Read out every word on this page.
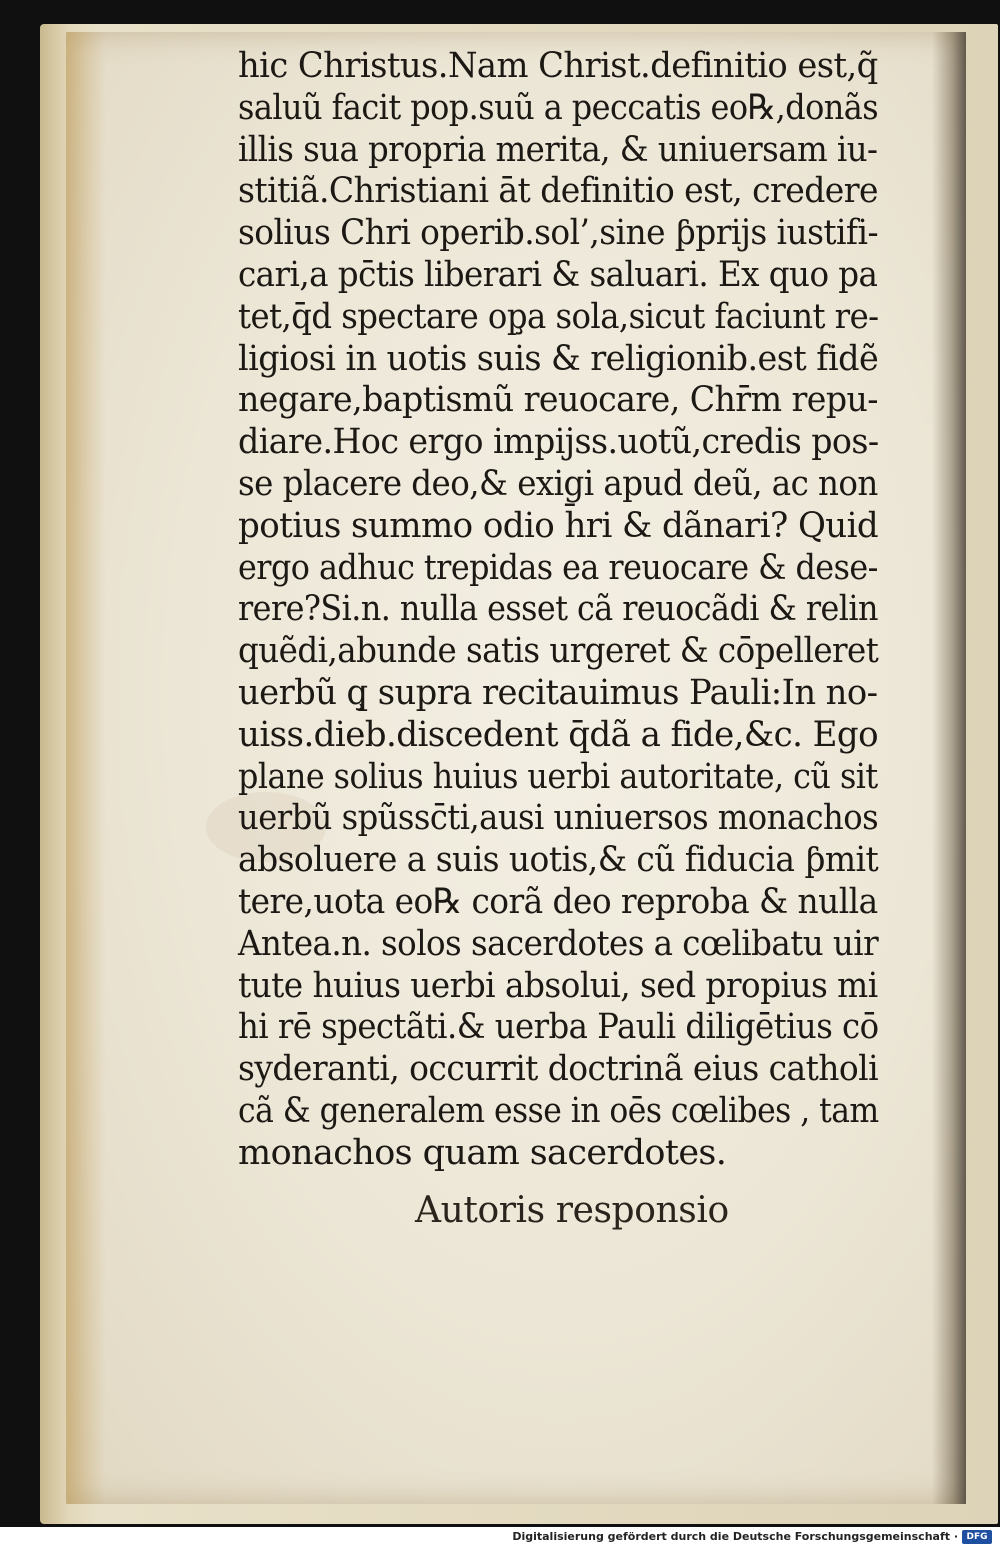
hic Christus.Nam Christ.definitio est,q̃
saluũ facit pop.suũ a peccatis eo℞,donãs
illis sua propria merita, & uniuersam iu‑
stitiã.Christiani āt definitio est, credere
solius Chri operib.sol’,sine ƥprijs iustifi‑
cari,a pc̄tis liberari & saluari. Ex quo pa
tet,q̄d spectare op̧a sola,sicut faciunt re‑
ligiosi in uotis suis & religionib.est fidẽ
negare,baptismũ reuocare, Chr̄m repu‑
diare.Hoc ergo impijss.uotũ,credis pos‑
se placere deo,& exigi apud deũ, ac non
potius summo odio h̄ri & dãnari? Quid
ergo adhuc trepidas ea reuocare & dese‑
rere?Si.n. nulla esset cã reuocãdi & relin
quẽdi,abunde satis urgeret & cōpelleret
uerbũ q̧ supra recitauimus Pauli:In no‑
uiss.dieb.discedent q̄dã a fide,&c. Ego
plane solius huius uerbi autoritate, cũ sit
uerbũ spũssc̄ti,ausi uniuersos monachos
absoluere a suis uotis,& cũ fiducia ƥmit
tere,uota eo℞ corã deo reproba & nulla
Antea.n. solos sacerdotes a cœlibatu uir
tute huius uerbi absolui, sed propius mi
hi rē spectãti.& uerba Pauli diligētius cō
syderanti, occurrit doctrinã eius catholi
cã & generalem esse in oēs cœlibes , tam
monachos quam sacerdotes.
Autoris responsio
Digitalisierung gefördert durch die Deutsche Forschungsgemeinschaft · DFG
